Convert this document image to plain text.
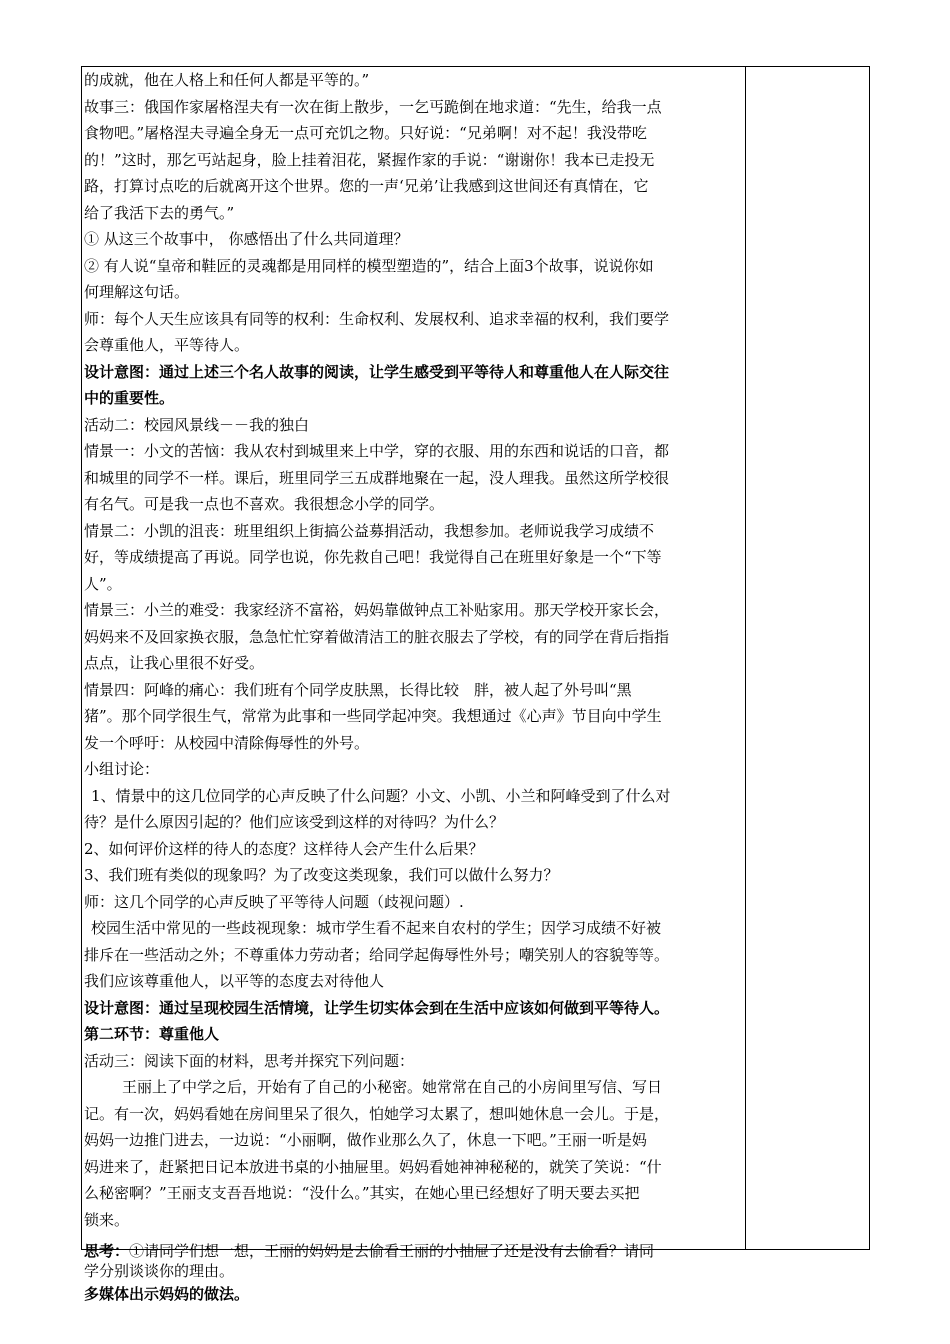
的成就，他在人格上和任何人都是平等的。”
故事三：俄国作家屠格涅夫有一次在街上散步，一乞丐跪倒在地求道：“先生，给我一点
食物吧。”屠格涅夫寻遍全身无一点可充饥之物。只好说：“兄弟啊！对不起！我没带吃
的！”这时，那乞丐站起身，脸上挂着泪花，紧握作家的手说：“谢谢你！我本已走投无
路，打算讨点吃的后就离开这个世界。您的一声‘兄弟’让我感到这世间还有真情在，它
给了我活下去的勇气。”
① 从这三个故事中， 你感悟出了什么共同道理？
② 有人说“皇帝和鞋匠的灵魂都是用同样的模型塑造的”，结合上面3个故事，说说你如
何理解这句话。
师：每个人天生应该具有同等的权利：生命权利、发展权利、追求幸福的权利，我们要学
会尊重他人，平等待人。
设计意图：通过上述三个名人故事的阅读，让学生感受到平等待人和尊重他人在人际交往
中的重要性。
活动二：校园风景线－－我的独白
情景一：小文的苦恼：我从农村到城里来上中学，穿的衣服、用的东西和说话的口音，都
和城里的同学不一样。课后，班里同学三五成群地聚在一起，没人理我。虽然这所学校很
有名气。可是我一点也不喜欢。我很想念小学的同学。
情景二：小凯的沮丧：班里组织上街搞公益募捐活动，我想参加。老师说我学习成绩不
好，等成绩提高了再说。同学也说，你先救自己吧！我觉得自己在班里好象是一个“下等
人”。
情景三：小兰的难受：我家经济不富裕，妈妈靠做钟点工补贴家用。那天学校开家长会，
妈妈来不及回家换衣服，急急忙忙穿着做清洁工的脏衣服去了学校，有的同学在背后指指
点点，让我心里很不好受。
情景四：阿峰的痛心：我们班有个同学皮肤黑，长得比较　胖，被人起了外号叫“黑
猪”。那个同学很生气，常常为此事和一些同学起冲突。我想通过《心声》节目向中学生
发一个呼吁：从校园中清除侮辱性的外号。
小组讨论：
1、情景中的这几位同学的心声反映了什么问题？小文、小凯、小兰和阿峰受到了什么对
待？是什么原因引起的？他们应该受到这样的对待吗？为什么？
2、如何评价这样的待人的态度？这样待人会产生什么后果？
3、我们班有类似的现象吗？为了改变这类现象，我们可以做什么努力？
师：这几个同学的心声反映了平等待人问题（歧视问题）.
校园生活中常见的一些歧视现象：城市学生看不起来自农村的学生；因学习成绩不好被
排斥在一些活动之外；不尊重体力劳动者；给同学起侮辱性外号；嘲笑别人的容貌等等。
我们应该尊重他人，以平等的态度去对待他人
设计意图：通过呈现校园生活情境，让学生切实体会到在生活中应该如何做到平等待人。
第二环节：尊重他人
活动三：阅读下面的材料，思考并探究下列问题：
王丽上了中学之后，开始有了自己的小秘密。她常常在自己的小房间里写信、写日
记。有一次，妈妈看她在房间里呆了很久，怕她学习太累了，想叫她休息一会儿。于是，
妈妈一边推门进去，一边说：“小丽啊，做作业那么久了，休息一下吧。”王丽一听是妈
妈进来了，赶紧把日记本放进书桌的小抽屉里。妈妈看她神神秘秘的，就笑了笑说：“什
么秘密啊？”王丽支支吾吾地说：“没什么。”其实，在她心里已经想好了明天要去买把
锁来。
思考：①请同学们想一想，王丽的妈妈是去偷看王丽的小抽屉了还是没有去偷看？请同
学分别谈谈你的理由。
多媒体出示妈妈的做法。
